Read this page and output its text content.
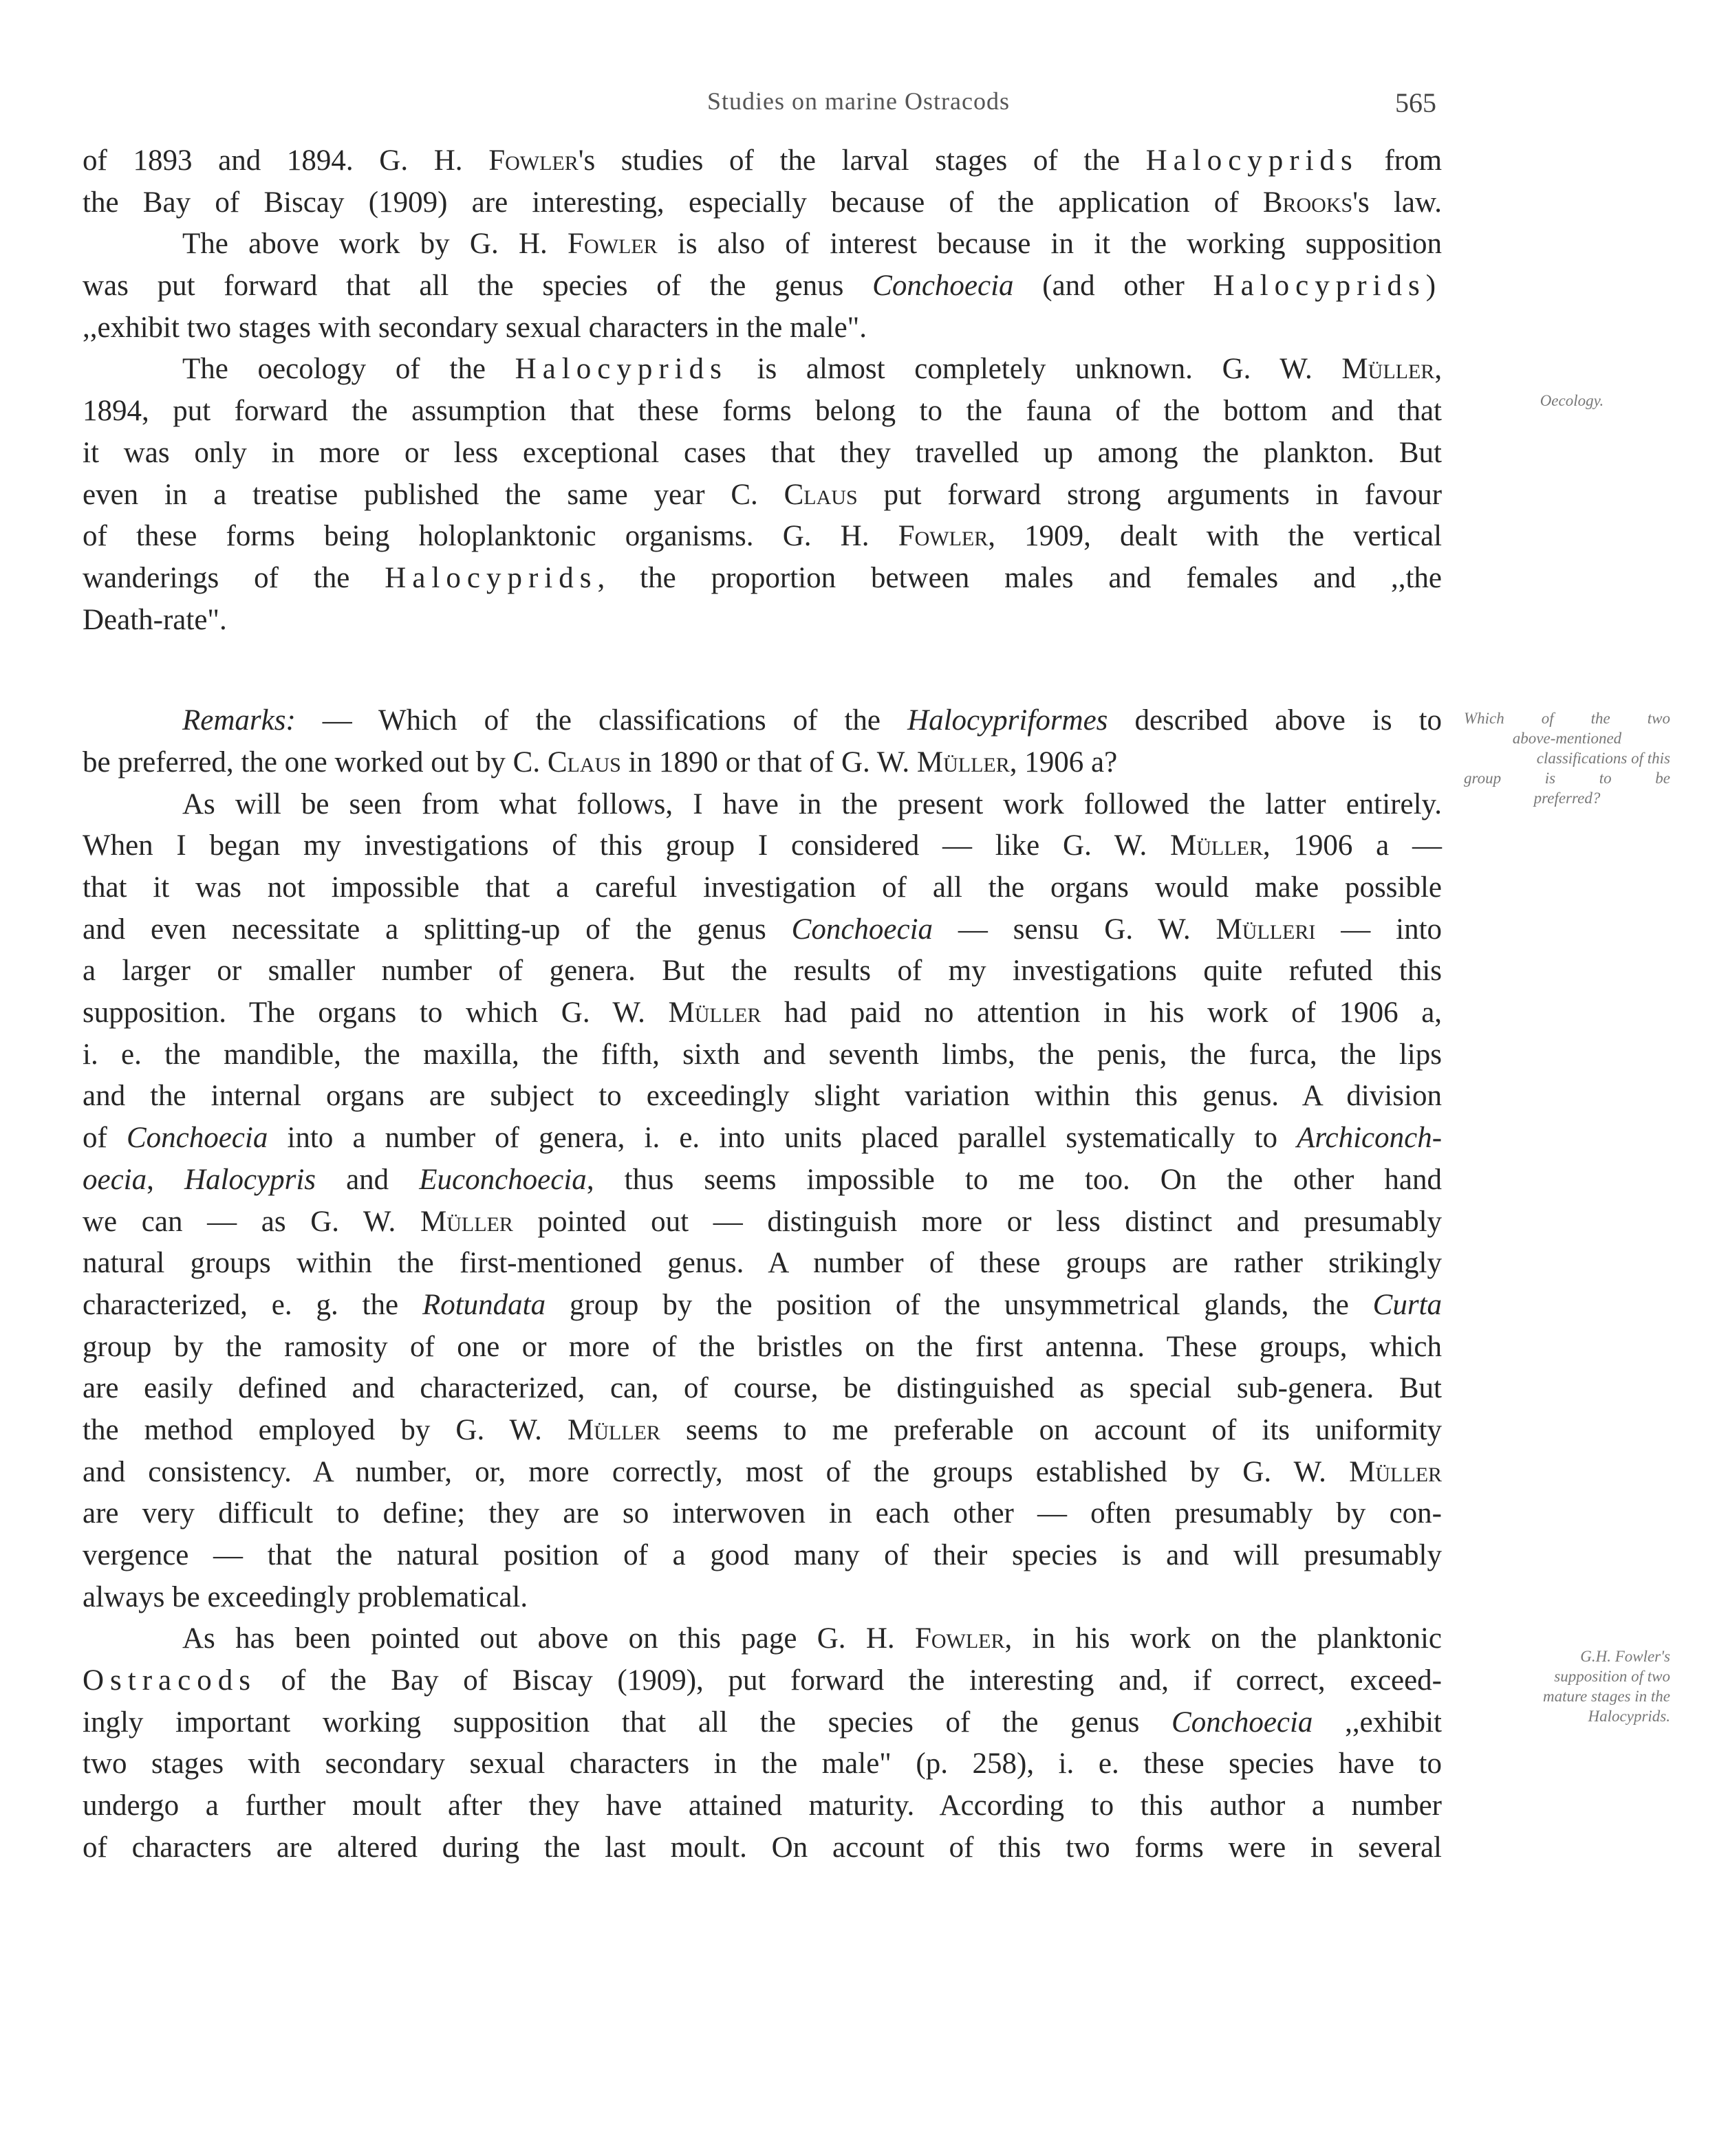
Studies on marine Ostracods	565
of 1893 and 1894. G. H. Fowler's studies of the larval stages of the Halocyprids from
the Bay of Biscay (1909) are interesting, especially because of the application of Brooks's law.
The above work by G. H. Fowler is also of interest because in it the working supposition
was put forward that all the species of the genus Conchoecia (and other Halocyprids)
,,exhibit two stages with secondary sexual characters in the male".
The oecology of the Halocyprids is almost completely unknown. G. W. Müller,
1894, put forward the assumption that these forms belong to the fauna of the bottom and that
it was only in more or less exceptional cases that they travelled up among the plankton. But
even in a treatise published the same year C. Claus put forward strong arguments in favour
of these forms being holoplanktonic organisms. G. H. Fowler, 1909, dealt with the vertical
wanderings of the Halocyprids, the proportion between males and females and ,,the
Death-rate".
Remarks: — Which of the classifications of the Halocypriformes described above is to
be preferred, the one worked out by C. Claus in 1890 or that of G. W. Müller, 1906 a?
As will be seen from what follows, I have in the present work followed the latter entirely.
When I began my investigations of this group I considered — like G. W. Müller, 1906 a —
that it was not impossible that a careful investigation of all the organs would make possible
and even necessitate a splitting-up of the genus Conchoecia — sensu G. W. Mülleri — into
a larger or smaller number of genera. But the results of my investigations quite refuted this
supposition. The organs to which G. W. Müller had paid no attention in his work of 1906 a,
i. e. the mandible, the maxilla, the fifth, sixth and seventh limbs, the penis, the furca, the lips
and the internal organs are subject to exceedingly slight variation within this genus. A division
of Conchoecia into a number of genera, i. e. into units placed parallel systematically to Archiconch-
oecia, Halocypris and Euconchoecia, thus seems impossible to me too. On the other hand
we can — as G. W. Müller pointed out — distinguish more or less distinct and presumably
natural groups within the first-mentioned genus. A number of these groups are rather strikingly
characterized, e. g. the Rotundata group by the position of the unsymmetrical glands, the Curta
group by the ramosity of one or more of the bristles on the first antenna. These groups, which
are easily defined and characterized, can, of course, be distinguished as special sub-genera. But
the method employed by G. W. Müller seems to me preferable on account of its uniformity
and consistency. A number, or, more correctly, most of the groups established by G. W. Müller
are very difficult to define; they are so interwoven in each other — often presumably by con-
vergence — that the natural position of a good many of their species is and will presumably
always be exceedingly problematical.
As has been pointed out above on this page G. H. Fowler, in his work on the planktonic
Ostracods of the Bay of Biscay (1909), put forward the interesting and, if correct, exceed-
ingly important working supposition that all the species of the genus Conchoecia ,,exhibit
two stages with secondary sexual characters in the male" (p. 258), i. e. these species have to
undergo a further moult after they have attained maturity. According to this author a number
of characters are altered during the last moult. On account of this two forms were in several
Oecology.
Which of the two
above-mentioned
classifications of this
group is to be
preferred?
G.H. Fowler's
supposition of two
mature stages in the
Halocyprids.
